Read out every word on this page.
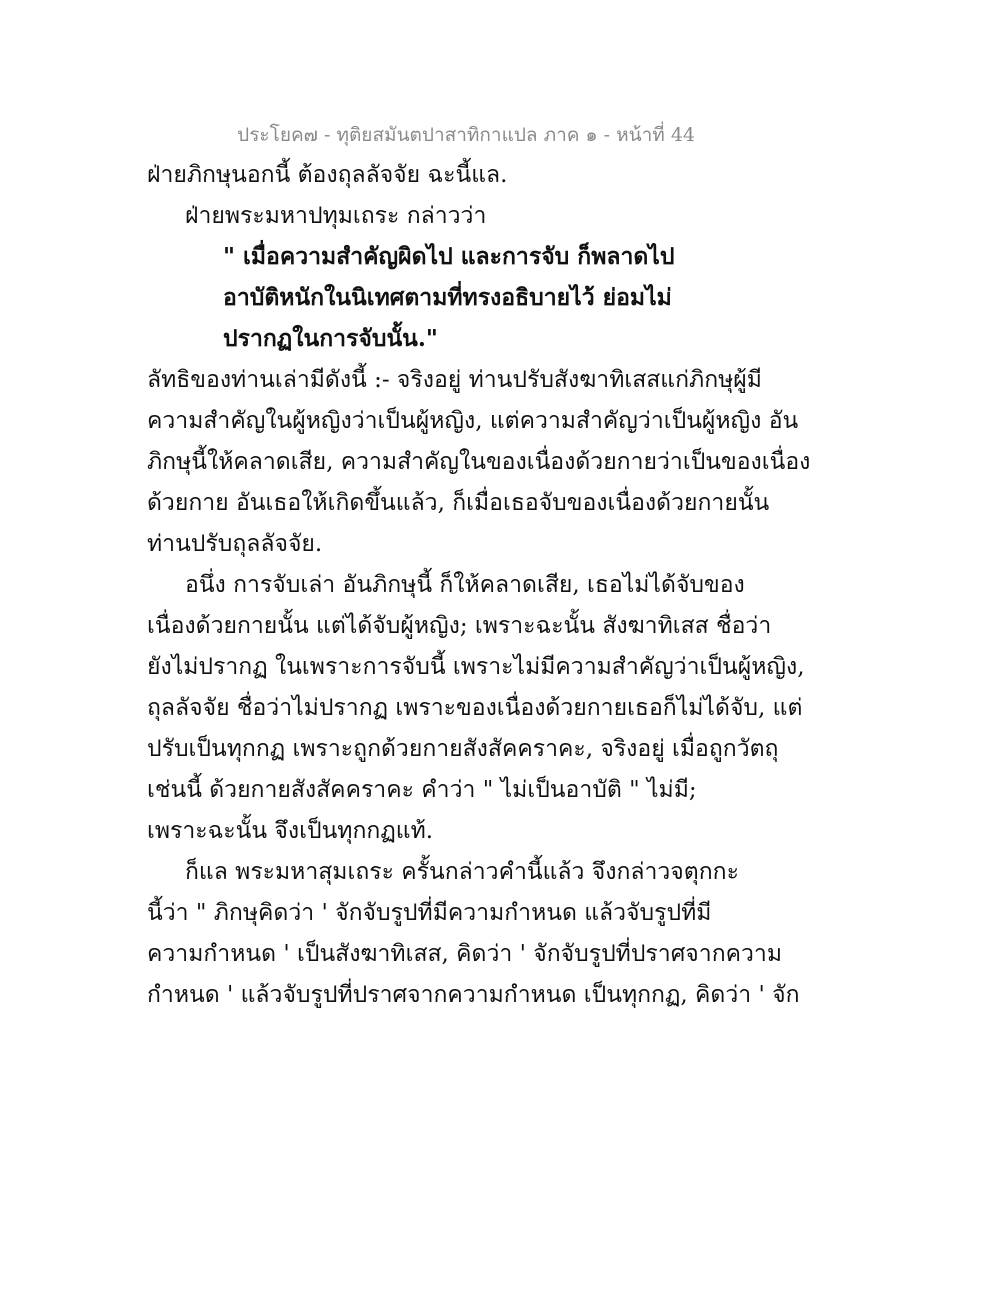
ประโยค๗ - ทุติยสมันตปาสาทิกาแปล ภาค ๑ - หน้าที่ 44
ฝ่ายภิกษุนอกนี้ ต้องถุลลัจจัย ฉะนี้แล.
ฝ่ายพระมหาปทุมเถระ กล่าวว่า
" เมื่อความสำคัญผิดไป และการจับ ก็พลาดไป
อาบัติหนักในนิเทศตามที่ทรงอธิบายไว้ ย่อมไม่
ปรากฏในการจับนั้น."
ลัทธิของท่านเล่ามีดังนี้ :- จริงอยู่ ท่านปรับสังฆาทิเสสแก่ภิกษุผู้มี
ความสำคัญในผู้หญิงว่าเป็นผู้หญิง, แต่ความสำคัญว่าเป็นผู้หญิง อัน
ภิกษุนี้ให้คลาดเสีย, ความสำคัญในของเนื่องด้วยกายว่าเป็นของเนื่อง
ด้วยกาย อันเธอให้เกิดขึ้นแล้ว, ก็เมื่อเธอจับของเนื่องด้วยกายนั้น
ท่านปรับถุลลัจจัย.
อนึ่ง การจับเล่า อันภิกษุนี้ ก็ให้คลาดเสีย, เธอไม่ได้จับของ
เนื่องด้วยกายนั้น แต่ได้จับผู้หญิง; เพราะฉะนั้น สังฆาทิเสส ชื่อว่า
ยังไม่ปรากฏ ในเพราะการจับนี้ เพราะไม่มีความสำคัญว่าเป็นผู้หญิง,
ถุลลัจจัย ชื่อว่าไม่ปรากฏ เพราะของเนื่องด้วยกายเธอก็ไม่ได้จับ, แต่
ปรับเป็นทุกกฏ เพราะถูกด้วยกายสังสัคคราคะ, จริงอยู่ เมื่อถูกวัตถุ
เช่นนี้ ด้วยกายสังสัคคราคะ คำว่า " ไม่เป็นอาบัติ " ไม่มี;
เพราะฉะนั้น จึงเป็นทุกกฏแท้.
ก็แล พระมหาสุมเถระ ครั้นกล่าวคำนี้แล้ว จึงกล่าวจตุกกะ
นี้ว่า " ภิกษุคิดว่า ' จักจับรูปที่มีความกำหนด แล้วจับรูปที่มี
ความกำหนด ' เป็นสังฆาทิเสส, คิดว่า ' จักจับรูปที่ปราศจากความ
กำหนด ' แล้วจับรูปที่ปราศจากความกำหนด เป็นทุกกฏ, คิดว่า ' จัก
